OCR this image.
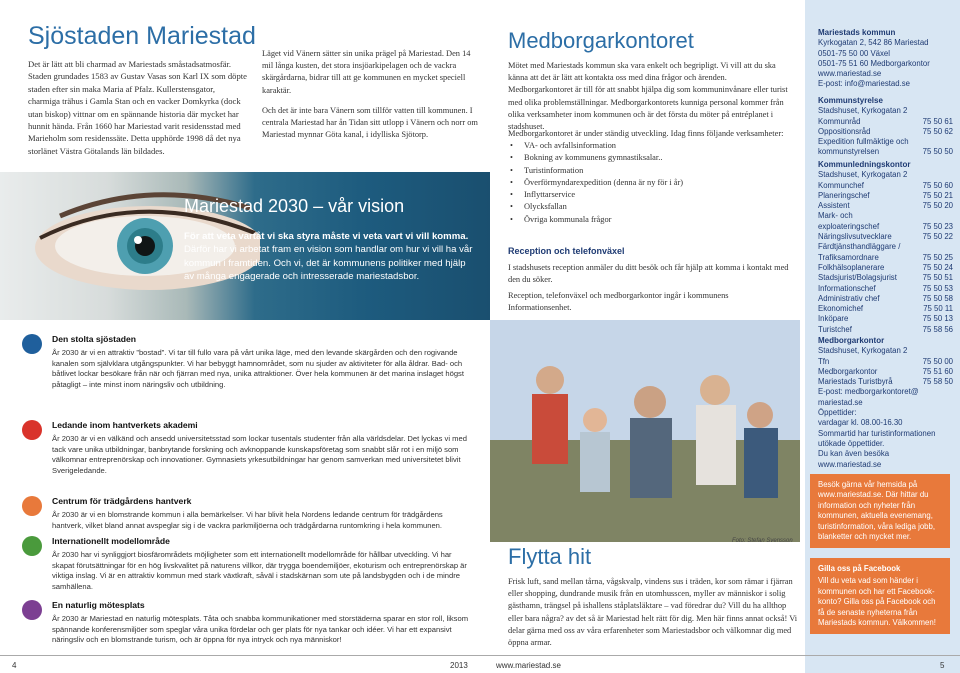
Sjöstaden Mariestad
Det är lätt att bli charmad av Mariestads småstadsatmosfär. Staden grundades 1583 av Gustav Vasas son Karl IX som döpte staden efter sin maka Maria af Pfalz. Kullerstensgator, charmiga trähus i Gamla Stan och en vacker Domkyrka (dock utan biskop) vittnar om en spännande historia där mycket har hunnit hända. Från 1660 har Mariestad varit residensstad med Marieholm som residenssäte. Detta upphörde 1998 då det nya storlänet Västra Götalands län bildades.

Läget vid Vänern sätter sin unika prägel på Mariestad. Den 14 mil långa kusten, det stora insjöarkipelagen och de vackra skärgårdarna, bidrar till att ge kommunen en mycket speciell karaktär.

Och det är inte bara Vänern som tillför vatten till kommunen. I centrala Mariestad har ån Tidan sitt utlopp i Vänern och norr om Mariestad mynnar Göta kanal, i idylliska Sjötorp.

Mariestad 2030 – vår vision
För att veta vartåt vi ska styra måste vi veta vart vi vill komma. Därför har vi arbetat fram en vision som handlar om hur vi vill ha vår kommun i framtiden. Och vi, det är kommunens politiker med hjälp av många engagerade och intresserade mariestadsbor.
Den stolta sjöstaden

År 2030 är vi en attraktiv ”bostad”. Vi tar till fullo vara på vårt unika läge, med den levande skärgården och den rogivande kanalen som självklara utgångspunkter. Vi har bebyggt hamnområdet, som nu sjuder av aktiviteter för alla åldrar. Bad- och båtlivet lockar besökare från när och fjärran med nya, unika attraktioner. Över hela kommunen är det marina inslaget högst påtagligt – inte minst inom näringsliv och utbildning.

Ledande inom hantverkets akademi

År 2030 är vi en välkänd och ansedd universitetsstad som lockar tusentals studenter från alla världsdelar. Det lyckas vi med tack vare unika utbildningar, banbrytande forskning och avknoppande kunskapsföretag som snabbt slår rot i en miljö som välkomnar entreprenörskap och innovationer. Gymnasiets yrkesutbildningar har genom samverkan med universitetet blivit Sverigeledande.

Centrum för trädgårdens hantverk

År 2030 är vi en blomstrande kommun i alla bemärkelser. Vi har blivit hela Nordens ledande centrum för trädgårdens hantverk, vilket bland annat avspeglar sig i de vackra parkmiljöerna och trädgårdarna runtomkring i hela kommunen.

Internationellt modellområde

År 2030 har vi synliggjort biosfärområdets möjligheter som ett internationellt modellområde för hållbar utveckling. Vi har skapat förutsättningar för en hög livskvalitet på naturens villkor, där trygga boendemiljöer, ekoturism och entreprenörskap är viktiga inslag. Vi är en attraktiv kommun med stark växtkraft, såväl i stadskärnan som ute på landsbygden och i de mindre samhällena.

En naturlig mötesplats

År 2030 är Mariestad en naturlig mötesplats. Tåta och snabba kommunikationer med storstäderna sparar en stor roll, liksom spännande konferensmiljöer som speglar våra unika fördelar och ger plats för nya tankar och idéer. Vi har ett expansivt näringsliv och en blomstrande turism, och är öppna för nya intryck och nya människor!

Medborgarkontoret
Mötet med Mariestads kommun ska vara enkelt och begripligt. Vi vill att du ska känna att det är lätt att kontakta oss med dina frågor och ärenden. Medborgarkontoret är till för att snabbt hjälpa dig som kommuninvånare eller turist med olika problemställningar. Medborgarkontorets kunniga personal kommer från olika verksamheter inom kommunen och är det första du möter på entréplanet i stadshuset.
Medborgarkontoret är under ständig utveckling. Idag finns följande verksamheter:
• VA- och avfallsinformation
• Bokning av kommunens gymnastiksalar..
• Turistinformation
• Överförmyndarexpedition (denna är ny för i år)
• Inflyttarservice
• Olycksfallan
• Övriga kommunala frågor
Reception och telefonväxel
I stadshusets reception anmäler du ditt besök och får hjälp att komma i kontakt med den du söker.
Reception, telefonväxel och medborgarkontor ingår i kommunens Informationsenhet.
Foto: Stefan Svensson
Flytta hit
Frisk luft, sand mellan tårna, vågskvalp, vindens sus i träden, kor som rämar i fjärran eller shopping, dundrande musik från en utomhusscen, myller av människor i solig gästhamn, trängsel på ishallens ståplatsläktare – vad föredrar du? Vill du ha allthop eller bara några? av det så är Mariestad helt rätt för dig. Men här finns annat också! Vi delar gärna med oss av våra erfarenheter som Mariestadsbor och välkomnar dig med öppna armar.
Mariestads kommun
Kyrkogatan 2, 542 86 Mariestad
0501-75 50 00 Växel
0501-75 51 60 Medborgarkontor
www.mariestad.se
E-post: info@mariestad.se
Kommunstyrelse
Stadshuset, Kyrkogatan 2
Kommunråd	75 50 61
Oppositionsråd	75 50 62
Expedition fullmäktige och
kommunstyrelsen	75 50 50
Kommunledningskontor
Stadshuset, Kyrkogatan 2
Kommunchef	75 50 60
Planeringschef	75 50 21
Assistent	75 50 20
Mark- och
exploateringschef	75 50 23
Näringslivsutvecklare	75 50 22
Färdtjänsthandläggare /
Trafiksamordnare	75 50 25
Folkhälsoplanerare	75 50 24
Stadsjurist/Bolagsjurist	75 50 51
Informationschef	75 50 53
Administrativ chef	75 50 58
Ekonomichef	75 50 11
Inköpare	75 50 13
Turistchef	75 58 56
Medborgarkontor
Stadshuset, Kyrkogatan 2
Tfn	75 50 00
Medborgarkontor	75 51 60
Mariestads Turistbyrå	75 58 50
E-post: medborgarkontoret@
mariestad.se
Öppettider:
vardagar kl. 08.00-16.30
Sommartid har turistinformationen
utökade öppettider.
Du kan även besöka
www.mariestad.se
Besök gärna vår hemsida på www.mariestad.se. Där hittar du information och nyheter från kommunen, aktuella evenemang, turistinformation, våra lediga jobb, blanketter och mycket mer.
Gilla oss på Facebook
Vill du veta vad som händer i kommunen och har ett Facebook-konto? Gilla oss på Facebook och få de senaste nyheterna från Mariestads kommun. Välkommen!
4	2013	www.mariestad.se	5
